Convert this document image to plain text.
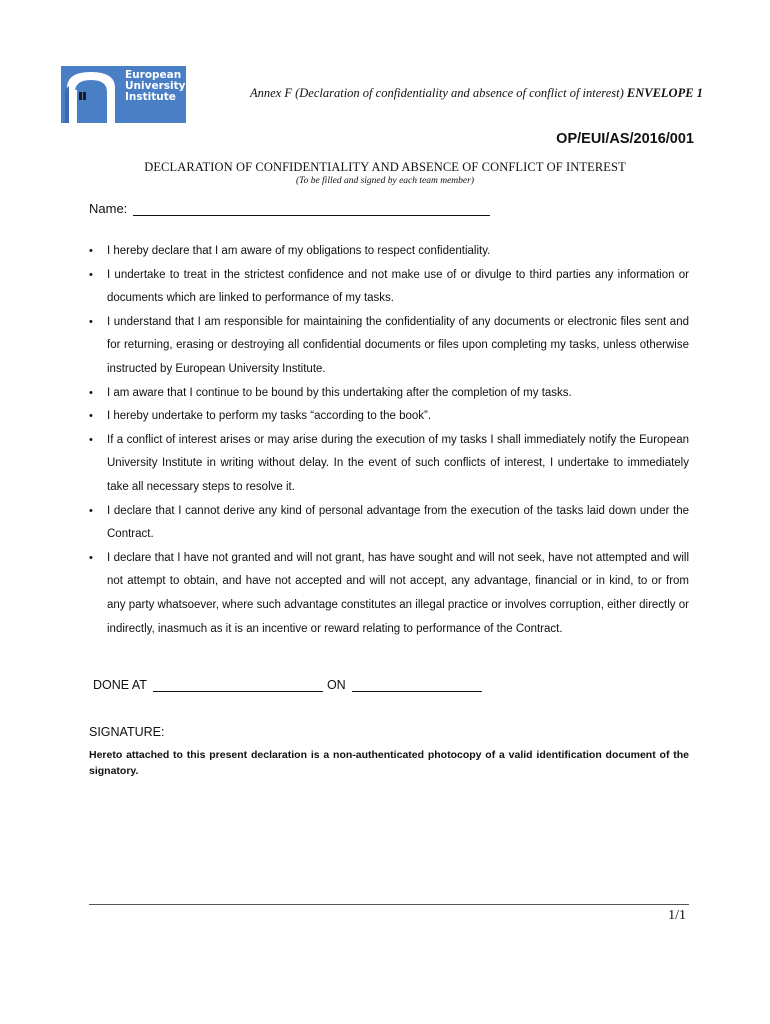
European
University
Institute	Annex F (Declaration of confidentiality and absence of conflict of interest) ENVELOPE 1
OP/EUI/AS/2016/001
DECLARATION OF CONFIDENTIALITY AND ABSENCE OF CONFLICT OF INTEREST
(To be filled and signed by each team member)
Name:
• I hereby declare that I am aware of my obligations to respect confidentiality.
• I undertake to treat in the strictest confidence and not make use of or divulge to third parties any information or documents which are linked to performance of my tasks.
• I understand that I am responsible for maintaining the confidentiality of any documents or electronic files sent and for returning, erasing or destroying all confidential documents or files upon completing my tasks, unless otherwise instructed by European University Institute.
• I am aware that I continue to be bound by this undertaking after the completion of my tasks.
• I hereby undertake to perform my tasks “according to the book”.
• If a conflict of interest arises or may arise during the execution of my tasks I shall immediately notify the European University Institute in writing without delay. In the event of such conflicts of interest, I undertake to immediately take all necessary steps to resolve it.
• I declare that I cannot derive any kind of personal advantage from the execution of the tasks laid down under the Contract.
• I declare that I have not granted and will not grant, has have sought and will not seek, have not attempted and will not attempt to obtain, and have not accepted and will not accept, any advantage, financial or in kind, to or from any party whatsoever, where such advantage constitutes an illegal practice or involves corruption, either directly or indirectly, inasmuch as it is an incentive or reward relating to performance of the Contract.
DONE AT	ON
SIGNATURE:
Hereto attached to this present declaration is a non-authenticated photocopy of a valid identification document of the signatory.
1/1
